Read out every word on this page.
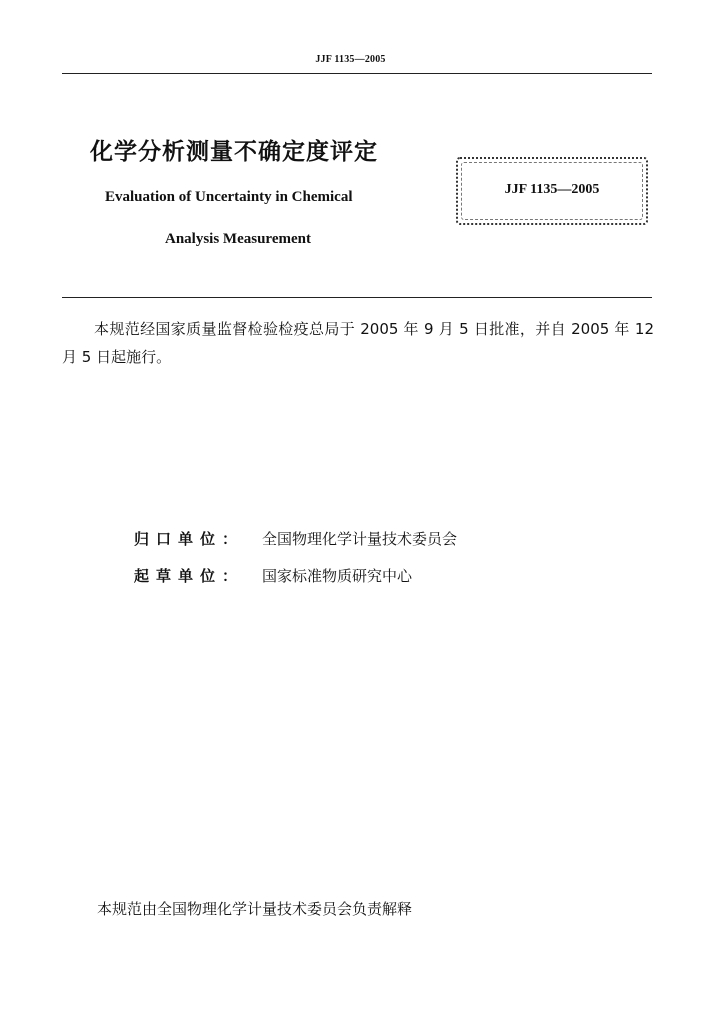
JJF 1135—2005
化学分析测量不确定度评定
Evaluation of Uncertainty in Chemical
Analysis Measurement
JJF 1135—2005
本规范经国家质量监督检验检疫总局于 2005 年 9 月 5 日批准，并自 2005 年 12 月 5 日起施行。
归口单位： 全国物理化学计量技术委员会
起草单位： 国家标准物质研究中心
本规范由全国物理化学计量技术委员会负责解释
